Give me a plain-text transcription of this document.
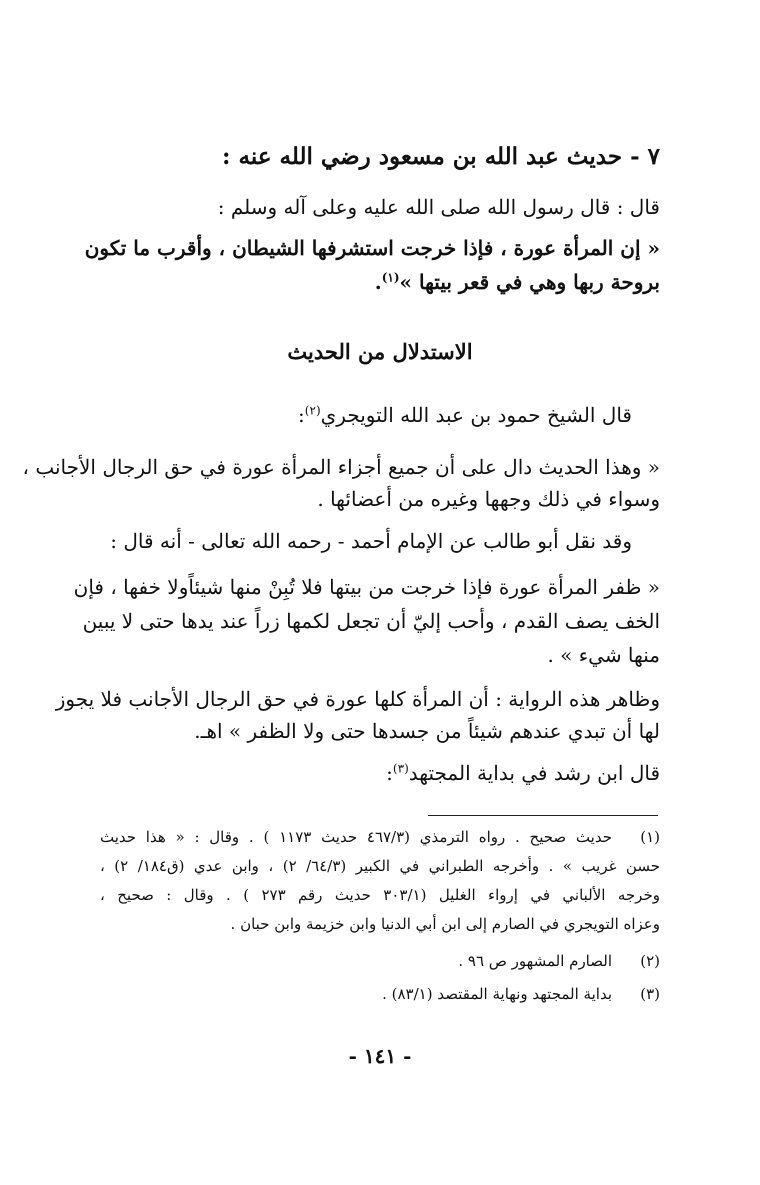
٧ - حديث عبد الله بن مسعود رضي الله عنه :
قال : قال رسول الله صلى الله عليه وعلى آله وسلم :
« إن المرأة عورة ، فإذا خرجت استشرفها الشيطان ، وأقرب ما تكون
بروحة ربها وهي في قعر بيتها »$^{(١)}$.
الاستدلال من الحديث
قال الشيخ حمود بن عبد الله التويجري$^{(٢)}$:
« وهذا الحديث دال على أن جميع أجزاء المرأة عورة في حق الرجال الأجانب ،
وسواء في ذلك وجهها وغيره من أعضائها .
وقد نقل أبو طالب عن الإمام أحمد - رحمه الله تعالى - أنه قال :
« ظفر المرأة عورة فإذا خرجت من بيتها فلا تُبِنْ منها شيئاًولا خفها ، فإن
الخف يصف القدم ، وأحب إليّ أن تجعل لكمها زراً عند يدها حتى لا يبين
منها شيء » .
وظاهر هذه الرواية : أن المرأة كلها عورة في حق الرجال الأجانب فلا يجوز
لها أن تبدي عندهم شيئاً من جسدها حتى ولا الظفر » اهـ.
قال ابن رشد في بداية المجتهد$^{(٣)}$:
(١)
حديث صحيح . رواه الترمذي (٤٦٧/٣ حديث ١١٧٣ ) . وقال : « هذا حديث
حسن غريب » . وأخرجه الطبراني في الكبير (٦٤/٣/ ٢) ، وابن عدي (ق١٨٤/ ٢) ،
وخرجه الألباني في إرواء الغليل (٣٠٣/١ حديث رقم ٢٧٣ ) . وقال : صحيح ،
وعزاه التويجري في الصارم إلى ابن أبي الدنيا وابن خزيمة وابن حبان .
(٢)
الصارم المشهور ص ٩٦ .
(٣)
بداية المجتهد ونهاية المقتصد (٨٣/١) .
- ١٤١ -
